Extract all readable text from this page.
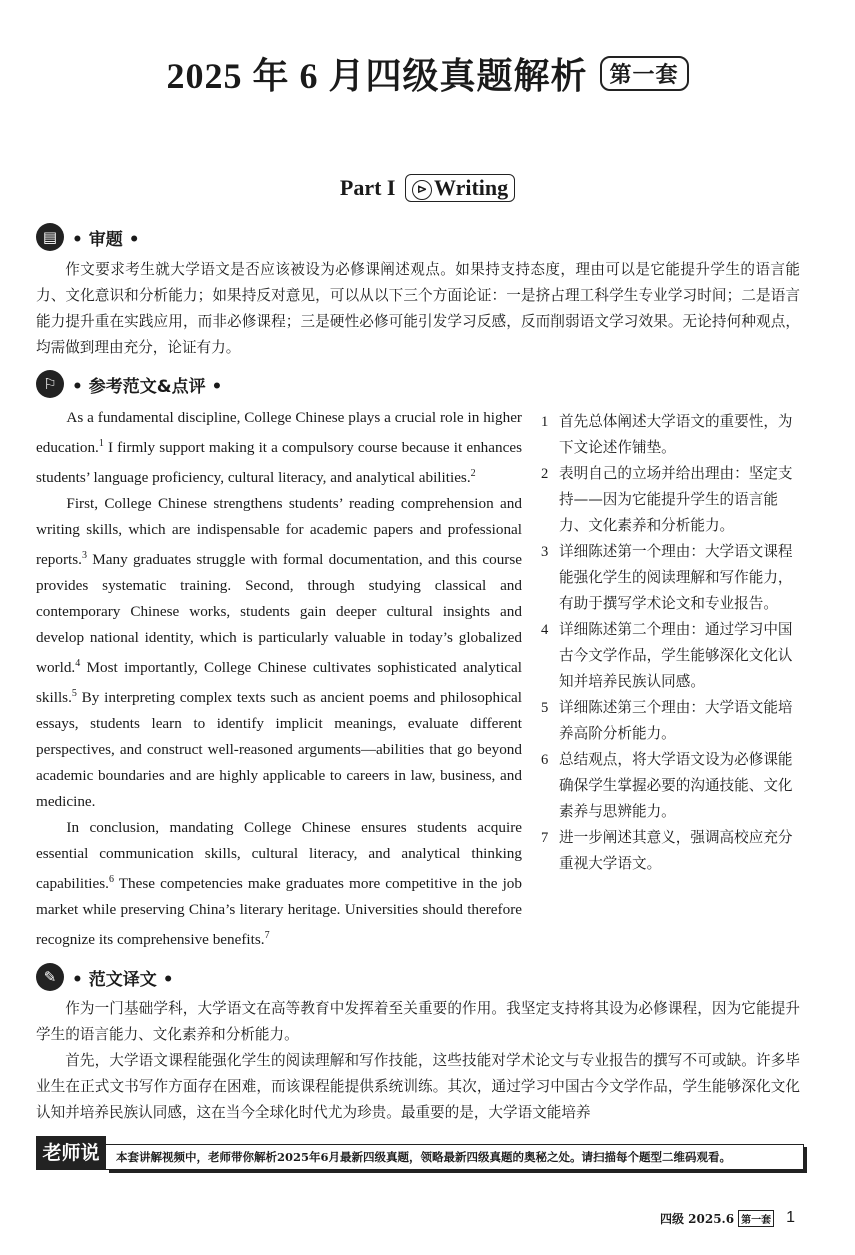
2025 年 6 月四级真题解析 第一套
Part I ⊳ Writing
▤ • 审题 •

作文要求考生就大学语文是否应该被设为必修课阐述观点。如果持支持态度，理由可以是它能提升学生的语言能力、文化意识和分析能力；如果持反对意见，可以从以下三个方面论证：一是挤占理工科学生专业学习时间；二是语言能力提升重在实践应用，而非必修课程；三是硬性必修可能引发学习反感，反而削弱语文学习效果。无论持何种观点，均需做到理由充分，论证有力。

⚐ • 参考范文&点评 •

As a fundamental discipline, College Chinese plays a crucial role in higher education.$^1$ I firmly support making it a compulsory course because it enhances students’ language proficiency, cultural literacy, and analytical abilities.$^2$

First, College Chinese strengthens students’ reading comprehension and writing skills, which are indispensable for academic papers and professional reports.$^3$ Many graduates struggle with formal documentation, and this course provides systematic training. Second, through studying classical and contemporary Chinese works, students gain deeper cultural insights and develop national identity, which is particularly valuable in today’s globalized world.$^4$ Most importantly, College Chinese cultivates sophisticated analytical skills.$^5$ By interpreting complex texts such as ancient poems and philosophical essays, students learn to identify implicit meanings, evaluate different perspectives, and construct well-reasoned arguments—abilities that go beyond academic boundaries and are highly applicable to careers in law, business, and medicine.

In conclusion, mandating College Chinese ensures students acquire essential communication skills, cultural literacy, and analytical thinking capabilities.$^6$ These competencies make graduates more competitive in the job market while preserving China’s literary heritage. Universities should therefore recognize its comprehensive benefits.$^7$

1 首先总体阐述大学语文的重要性，为下文论述作铺垫。
2 表明自己的立场并给出理由：坚定支持——因为它能提升学生的语言能力、文化素养和分析能力。
3 详细陈述第一个理由：大学语文课程能强化学生的阅读理解和写作能力，有助于撰写学术论文和专业报告。
4 详细陈述第二个理由：通过学习中国古今文学作品，学生能够深化文化认知并培养民族认同感。
5 详细陈述第三个理由：大学语文能培养高阶分析能力。
6 总结观点，将大学语文设为必修课能确保学生掌握必要的沟通技能、文化素养与思辨能力。
7 进一步阐述其意义，强调高校应充分重视大学语文。
✎ • 范文译文 •

作为一门基础学科，大学语文在高等教育中发挥着至关重要的作用。我坚定支持将其设为必修课程，因为它能提升学生的语言能力、文化素养和分析能力。

首先，大学语文课程能强化学生的阅读理解和写作技能，这些技能对学术论文与专业报告的撰写不可或缺。许多毕业生在正式文书写作方面存在困难，而该课程能提供系统训练。其次，通过学习中国古今文学作品，学生能够深化文化认知并培养民族认同感，这在当今全球化时代尤为珍贵。最重要的是，大学语文能培养

老师说	本套讲解视频中，老师带你解析2025年6月最新四级真题，领略最新四级真题的奥秘之处。请扫描每个题型二维码观看。
四级 2025.6 第一套 1
